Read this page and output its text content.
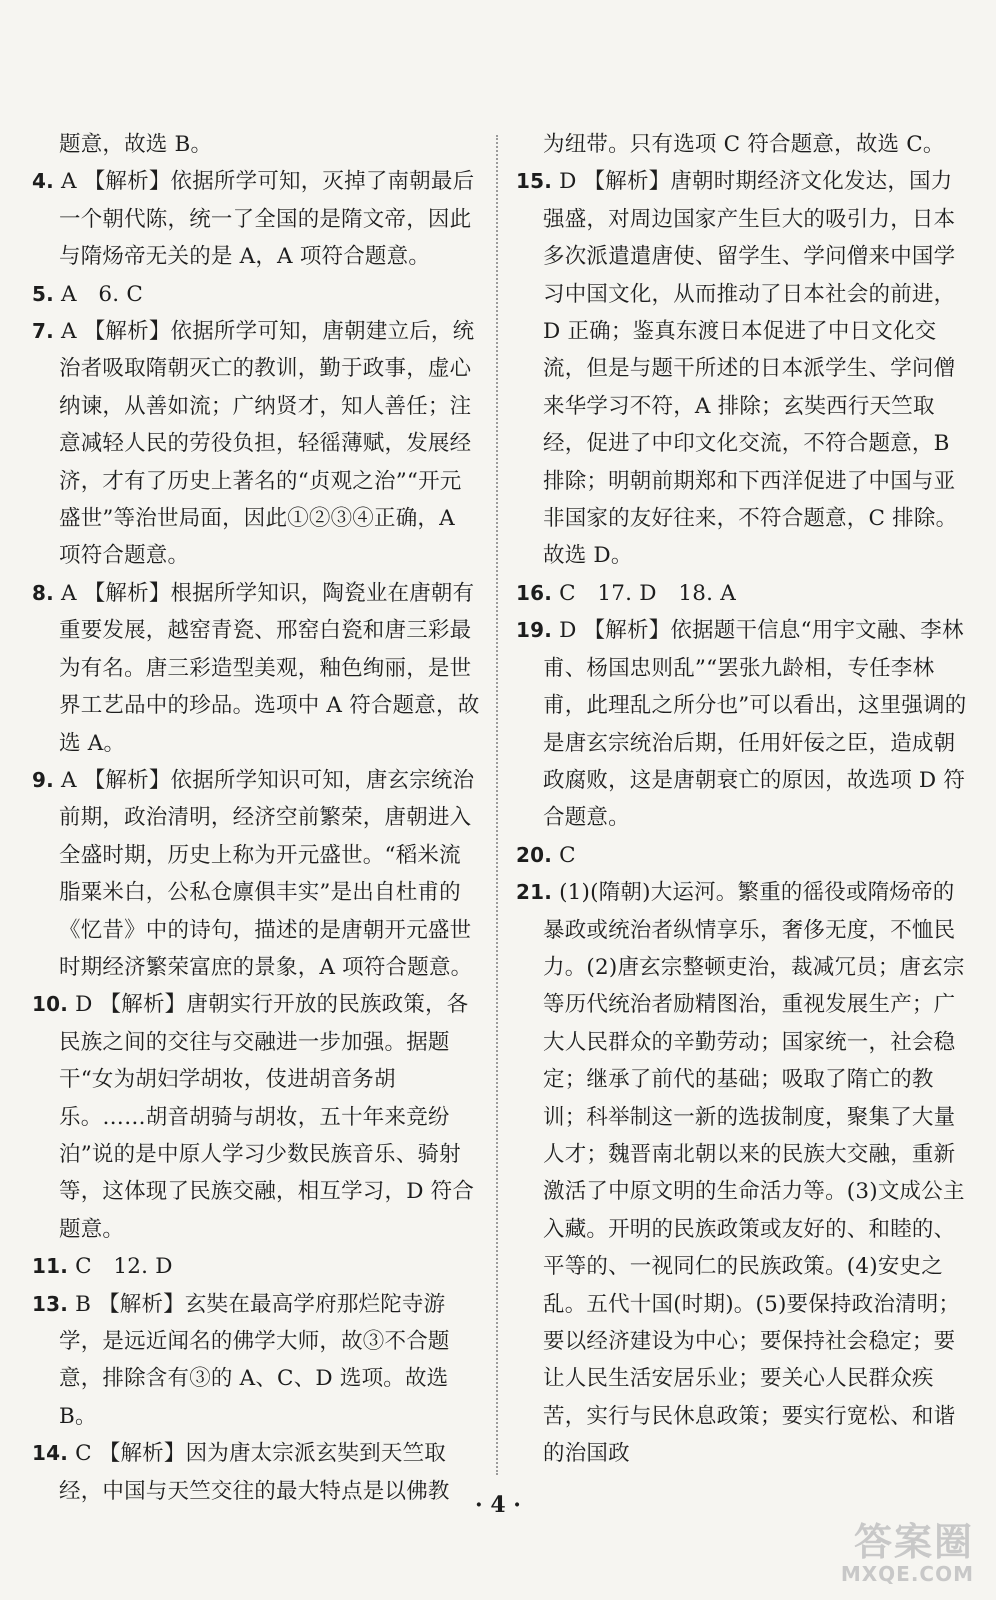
题意，故选 B。

4. A 【解析】依据所学可知，灭掉了南朝最后一个朝代陈，统一了全国的是隋文帝，因此与隋炀帝无关的是 A，A 项符合题意。

5. A　6. C

7. A 【解析】依据所学可知，唐朝建立后，统治者吸取隋朝灭亡的教训，勤于政事，虚心纳谏，从善如流；广纳贤才，知人善任；注意减轻人民的劳役负担，轻徭薄赋，发展经济，才有了历史上著名的“贞观之治”“开元盛世”等治世局面，因此①②③④正确，A 项符合题意。

8. A 【解析】根据所学知识，陶瓷业在唐朝有重要发展，越窑青瓷、邢窑白瓷和唐三彩最为有名。唐三彩造型美观，釉色绚丽，是世界工艺品中的珍品。选项中 A 符合题意，故选 A。

9. A 【解析】依据所学知识可知，唐玄宗统治前期，政治清明，经济空前繁荣，唐朝进入全盛时期，历史上称为开元盛世。“稻米流脂粟米白，公私仓廪俱丰实”是出自杜甫的《忆昔》中的诗句，描述的是唐朝开元盛世时期经济繁荣富庶的景象，A 项符合题意。

10. D 【解析】唐朝实行开放的民族政策，各民族之间的交往与交融进一步加强。据题干“女为胡妇学胡妆，伎进胡音务胡乐。……胡音胡骑与胡妆，五十年来竞纷泊”说的是中原人学习少数民族音乐、骑射等，这体现了民族交融，相互学习，D 符合题意。

11. C　12. D

13. B 【解析】玄奘在最高学府那烂陀寺游学，是远近闻名的佛学大师，故③不合题意，排除含有③的 A、C、D 选项。故选 B。

14. C 【解析】因为唐太宗派玄奘到天竺取经，中国与天竺交往的最大特点是以佛教

为纽带。只有选项 C 符合题意，故选 C。

15. D 【解析】唐朝时期经济文化发达，国力强盛，对周边国家产生巨大的吸引力，日本多次派遣遣唐使、留学生、学问僧来中国学习中国文化，从而推动了日本社会的前进，D 正确；鉴真东渡日本促进了中日文化交流，但是与题干所述的日本派学生、学问僧来华学习不符，A 排除；玄奘西行天竺取经，促进了中印文化交流，不符合题意，B 排除；明朝前期郑和下西洋促进了中国与亚非国家的友好往来，不符合题意，C 排除。故选 D。

16. C　17. D　18. A

19. D 【解析】依据题干信息“用宇文融、李林甫、杨国忠则乱”“罢张九龄相，专任李林甫，此理乱之所分也”可以看出，这里强调的是唐玄宗统治后期，任用奸佞之臣，造成朝政腐败，这是唐朝衰亡的原因，故选项 D 符合题意。

20. C

21. (1)(隋朝)大运河。繁重的徭役或隋炀帝的暴政或统治者纵情享乐，奢侈无度，不恤民力。(2)唐玄宗整顿吏治，裁减冗员；唐玄宗等历代统治者励精图治，重视发展生产；广大人民群众的辛勤劳动；国家统一，社会稳定；继承了前代的基础；吸取了隋亡的教训；科举制这一新的选拔制度，聚集了大量人才；魏晋南北朝以来的民族大交融，重新激活了中原文明的生命活力等。(3)文成公主入藏。开明的民族政策或友好的、和睦的、平等的、一视同仁的民族政策。(4)安史之乱。五代十国(时期)。(5)要保持政治清明；要以经济建设为中心；要保持社会稳定；要让人民生活安居乐业；要关心人民群众疾苦，实行与民休息政策；要实行宽松、和谐的治国政

· 4 ·
答案圈
MXQE.COM
